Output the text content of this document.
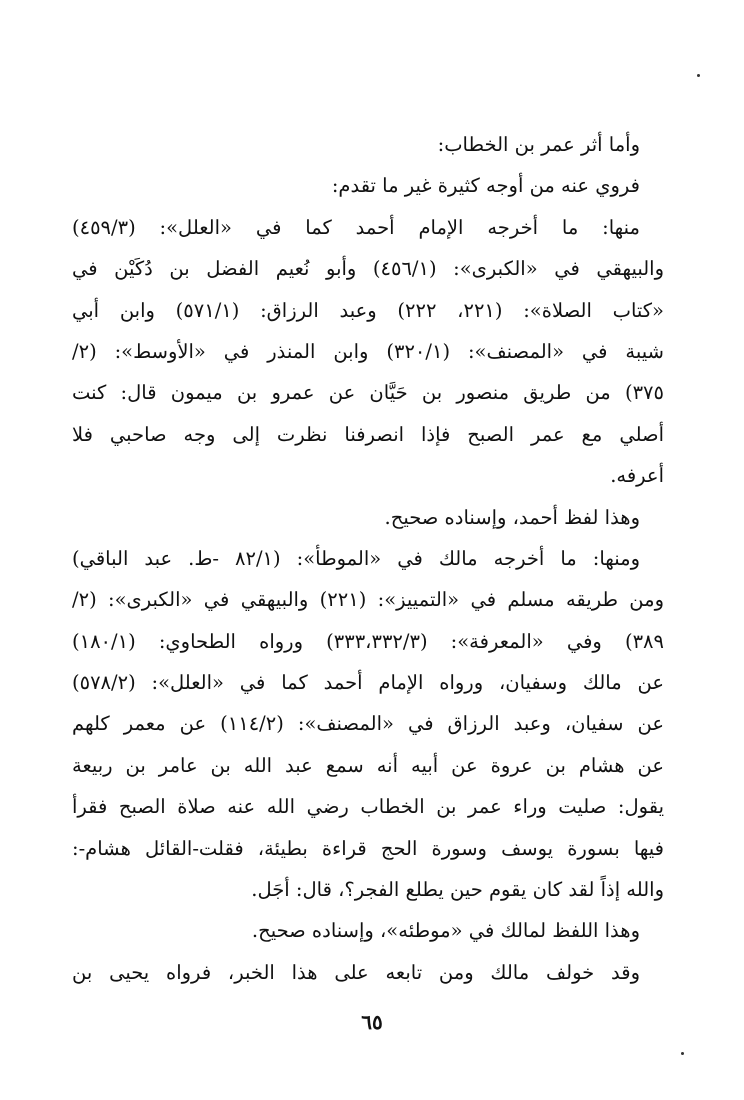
وأما أثر عمر بن الخطاب:
فروي عنه من أوجه كثيرة غير ما تقدم:
منها: ما أخرجه الإمام أحمد كما في «العلل»: (٤٥٩/٣)
والبيهقي في «الكبرى»: (٤٥٦/١) وأبو نُعيم الفضل بن دُكَيْن في
«كتاب الصلاة»: (٢٢١، ٢٢٢) وعبد الرزاق: (٥٧١/١) وابن أبي
شيبة في «المصنف»: (٣٢٠/١) وابن المنذر في «الأوسط»: (٢/
٣٧٥) من طريق منصور بن حَيَّان عن عمرو بن ميمون قال: كنت
أصلي مع عمر الصبح فإذا انصرفنا نظرت إلى وجه صاحبي فلا
أعرفه.
وهذا لفظ أحمد، وإسناده صحيح.
ومنها: ما أخرجه مالك في «الموطأ»: (٨٢/١ -ط. عبد الباقي)
ومن طريقه مسلم في «التمييز»: (٢٢١) والبيهقي في «الكبرى»: (٢/
٣٨٩) وفي «المعرفة»: (٣٣٣،٣٣٢/٣) ورواه الطحاوي: (١٨٠/١)
عن مالك وسفيان، ورواه الإمام أحمد كما في «العلل»: (٥٧٨/٢)
عن سفيان، وعبد الرزاق في «المصنف»: (١١٤/٢) عن معمر كلهم
عن هشام بن عروة عن أبيه أنه سمع عبد الله بن عامر بن ربيعة
يقول: صليت وراء عمر بن الخطاب رضي الله عنه صلاة الصبح فقرأ
فيها بسورة يوسف وسورة الحج قراءة بطيئة، فقلت-القائل هشام-:
والله إذاً لقد كان يقوم حين يطلع الفجر؟، قال: أجَل.
وهذا اللفظ لمالك في «موطئه»، وإسناده صحيح.
وقد خولف مالك ومن تابعه على هذا الخبر، فرواه يحيى بن
٦٥
